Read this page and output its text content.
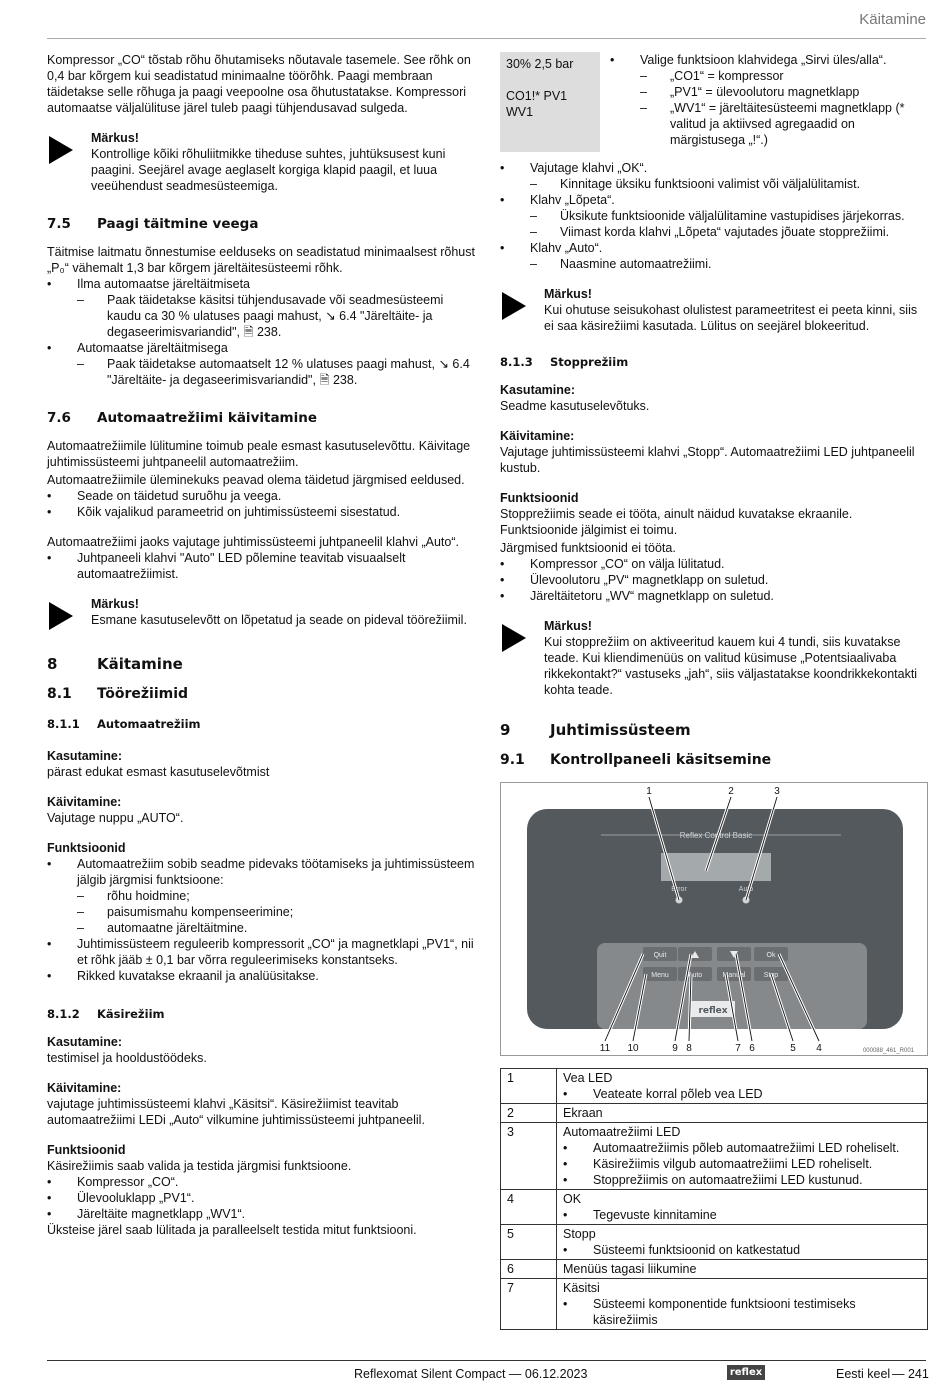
Käitamine

Kompressor „CO“ tõstab rõhu õhutamiseks nõutavale tasemele. See rõhk on 0,4 bar kõrgem kui seadistatud minimaalne töörõhk. Paagi membraan täidetakse selle rõhuga ja paagi veepoolne osa õhutustatakse. Kompressori automaatse väljalülituse järel tuleb paagi tühjendusavad sulgeda.

Märkus!

Kontrollige kõiki rõhuliitmikke tiheduse suhtes, juhtüksusest kuni paagini. Seejärel avage aeglaselt korgiga klapid paagil, et luua veeühendust seadmesüsteemiga.

7.5	Paagi täitmine veega

Täitmise laitmatu õnnestumise eelduseks on seadistatud minimaalsest rõhust „P₀“ vähemalt 1,3 bar kõrgem järeltäitesüsteemi rõhk.

• Ilma automaatse järeltäitmiseta

– Paak täidetakse käsitsi tühjendusavade või seadmesüsteemi kaudu ca 30 % ulatuses paagi mahust, ↘ 6.4 "Järeltäite- ja degaseerimisvariandid", 🗎 238.

• Automaatse järeltäitmisega

– Paak täidetakse automaatselt 12 % ulatuses paagi mahust, ↘ 6.4 "Järeltäite- ja degaseerimisvariandid", 🗎 238.

7.6	Automaatrežiimi käivitamine

Automaatrežiimile lülitumine toimub peale esmast kasutuselevõttu. Käivitage juhtimissüsteemi juhtpaneelil automaatrežiim.

Automaatrežiimile üleminekuks peavad olema täidetud järgmised eeldused.

• Seade on täidetud suruõhu ja veega.

• Kõik vajalikud parameetrid on juhtimissüsteemi sisestatud.

Automaatrežiimi jaoks vajutage juhtimissüsteemi juhtpaneelil klahvi „Auto“.

• Juhtpaneeli klahvi "Auto" LED põlemine teavitab visuaalselt automaatrežiimist.

Märkus!

Esmane kasutuselevõtt on lõpetatud ja seade on pideval töörežiimil.

8	Käitamine
8.1	Töörežiimid
8.1.1	Automaatrežiim

Kasutamine:

pärast edukat esmast kasutuselevõtmist

Käivitamine:

Vajutage nuppu „AUTO“.

Funktsioonid

• Automaatrežiim sobib seadme pidevaks töötamiseks ja juhtimissüsteem jälgib järgmisi funktsioone:

– rõhu hoidmine;

– paisumismahu kompenseerimine;

– automaatne järeltäitmine.

• Juhtimissüsteem reguleerib kompressorit „CO“ ja magnetklapi „PV1“, nii et rõhk jääb ± 0,1 bar võrra reguleerimiseks konstantseks.

• Rikked kuvatakse ekraanil ja analüüsitakse.

8.1.2	Käsirežiim

Kasutamine:

testimisel ja hooldustöödeks.

Käivitamine:

vajutage juhtimissüsteemi klahvi „Käsitsi“. Käsirežiimist teavitab automaatrežiimi LEDi „Auto“ vilkumine juhtimissüsteemi juhtpaneelil.

Funktsioonid

Käsirežiimis saab valida ja testida järgmisi funktsioone.

• Kompressor „CO“.

• Ülevooluklapp „PV1“.

• Järeltäite magnetklapp „WV1“.

Üksteise järel saab lülitada ja paralleelselt testida mitut funktsiooni.

30% 2,5 bar

CO1!* PV1 WV1

• Valige funktsioon klahvidega „Sirvi üles/alla“.

– „CO1“ = kompressor

– „PV1“ = ülevoolutoru magnetklapp

– „WV1“ = järeltäitesüsteemi magnetklapp (* valitud ja aktiivsed agregaadid on märgistusega „!“.)

• Vajutage klahvi „OK“.

– Kinnitage üksiku funktsiooni valimist või väljalülitamist.

• Klahv „Lõpeta“.

– Üksikute funktsioonide väljalülitamine vastupidises järjekorras.

– Viimast korda klahvi „Lõpeta“ vajutades jõuate stopprežiimi.

• Klahv „Auto“.

– Naasmine automaatrežiimi.

Märkus!

Kui ohutuse seisukohast olulistest parameetritest ei peeta kinni, siis ei saa käsirežiimi kasutada. Lülitus on seejärel blokeeritud.

8.1.3	Stopprežiim

Kasutamine:

Seadme kasutuselevõtuks.

Käivitamine:

Vajutage juhtimissüsteemi klahvi „Stopp“. Automaatrežiimi LED juhtpaneelil kustub.

Funktsioonid

Stopprežiimis seade ei tööta, ainult näidud kuvatakse ekraanile. Funktsioonide jälgimist ei toimu.

Järgmised funktsioonid ei tööta.

• Kompressor „CO“ on välja lülitatud.

• Ülevoolutoru „PV“ magnetklapp on suletud.

• Järeltäitetoru „WV“ magnetklapp on suletud.

Märkus!

Kui stopprežiim on aktiveeritud kauem kui 4 tundi, siis kuvatakse teade. Kui kliendimenüüs on valitud küsimuse „Potentsiaalivaba rikkekontakt?“ vastuseks „jah“, siis väljastatakse koondrikkekontakti kohta teade.

9	Juhtimissüsteem
9.1	Kontrollpaneeli käsitsemine
Reflex Control Basic
Error	Auto
Quit	Ok
Menu	Auto	Manual	Stop
reflex
1	2	3
11 10	9 8	7 6	5 4	000088_461_R001
1	Vea LED

• Veateate korral põleb vea LED

2	Ekraan

3	Automaatrežiimi LED

• Automaatrežiimis põleb automaatrežiimi LED roheliselt.

• Käsirežiimis vilgub automaatrežiimi LED roheliselt.

• Stopprežiimis on automaatrežiimi LED kustunud.

4	OK

• Tegevuste kinnitamine

5	Stopp

• Süsteemi funktsioonid on katkestatud

6	Menüüs tagasi liikumine

7	Käsitsi

• Süsteemi komponentide funktsiooni testimiseks käsirežiimis

Reflexomat Silent Compact — 06.12.2023	reflex	Eesti keel — 241
